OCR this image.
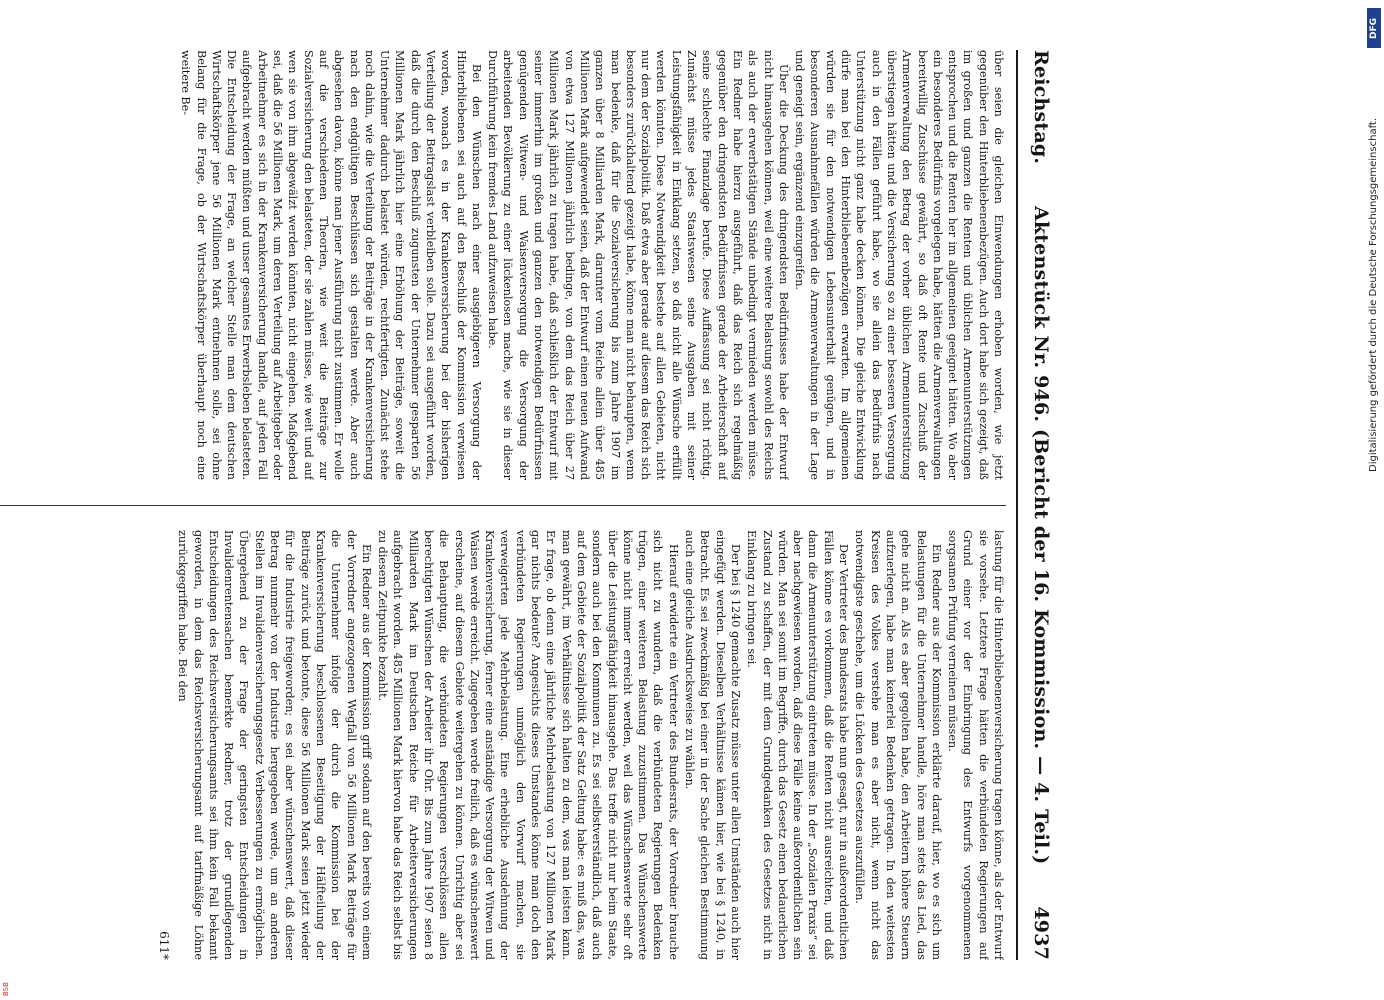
Reichstag.
Aktenstück Nr. 946. (Bericht der 16. Kommission. — 4. Teil.)
4937

über seien die gleichen Einwendungen erhoben worden, wie jetzt gegenüber den Hinterbliebenenbezügen. Auch dort habe sich gezeigt, daß im großen und ganzen die Renten und üblichen Armenunterstützungen entsprochen und die Renten her im allgemeinen geeignet hätten. Wo aber ein besonderes Bedürfnis vorgelegen habe, hätten die Armenverwaltungen bereitwillig Zuschüsse gewährt, so daß oft Rente und Zuschuß der Armenverwaltung den Betrag der vorher üblichen Armenunterstützung überstiegen hätten und die Versicherung so zu einer besseren Versorgung auch in den Fällen geführt habe, wo sie allein das Bedürfnis nach Unterstützung nicht ganz habe decken können. Die gleiche Entwicklung dürfe man bei den Hinterbliebenenbezügen erwarten. Im allgemeinen würden sie für den notwendigen Lebensunterhalt genügen, und in besonderen Ausnahmefällen würden die Armenverwaltungen in der Lage und geneigt sein, ergänzend einzugreifen.

Über die Deckung des dringendsten Bedürfnisses habe der Entwurf nicht hinausgehen können, weil eine weitere Belastung sowohl des Reichs als auch der erwerbstätigen Stände unbedingt vermieden werden müsse. Ein Redner habe hierzu ausgeführt, daß das Reich sich regelmäßig gegenüber den dringendsten Bedürfnissen gerade der Arbeiterschaft auf seine schlechte Finanzlage berufe. Diese Auffassung sei nicht richtig. Zunächst müsse jedes Staatswesen seine Ausgaben mit seiner Leistungsfähigkeit in Einklang setzen, so daß nicht alle Wünsche erfüllt werden könnten. Diese Notwendigkeit bestehe auf allen Gebieten, nicht nur dem der Sozialpolitik. Daß etwa aber gerade auf diesem das Reich sich besonders zurückhaltend gezeigt habe, könne man nicht behaupten, wenn man bedenke, daß für die Sozialversicherung bis zum Jahre 1907 im ganzen über 8 Milliarden Mark, darunter vom Reiche allein über 485 Millionen Mark aufgewendet seien, daß der Entwurf einen neuen Aufwand von etwa 127 Millionen jährlich bedinge, von dem das Reich über 27 Millionen Mark jährlich zu tragen habe, daß schließlich der Entwurf mit seiner immerhin im großen und ganzen den notwendigen Bedürfnissen genügenden Witwen- und Waisenversorgung die Versorgung der arbeitenden Bevölkerung zu einer lückenlosen mache, wie sie in dieser Durchführung kein fremdes Land aufzuweisen habe.

Bei den Wünschen nach einer ausgiebigeren Versorgung der Hinterbliebenen sei auch auf den Beschluß der Kommission verwiesen worden, wonach es in der Krankenversicherung bei der bisherigen Verteilung der Beitragslast verbleiben solle. Dazu sei ausgeführt worden, daß die durch den Beschluß zugunsten der Unternehmer gesparten 56 Millionen Mark jährlich hier eine Erhöhung der Beiträge, soweit die Unternehmer dadurch belastet würden, rechtfertigten. Zunächst stehe noch dahin, wie die Verteilung der Beiträge in der Krankenversicherung nach den endgültigen Beschlüssen sich gestalten werde. Aber auch abgesehen davon, könne man jener Ausführung nicht zustimmen. Er wolle auf die verschiedenen Theorien, wie weit die Beiträge zur Sozialversicherung den belasteten, der sie zahlen müsse, wie weit und auf wen sie von ihm abgewälzt werden könnten, nicht eingehen. Maßgebend sei, daß die 56 Millionen Mark, um deren Verteilung auf Arbeitgeber oder Arbeitnehmer es sich in der Krankenversicherung handle, auf jeden Fall aufgebracht werden müßten und unser gesamtes Erwerbsleben belasteten. Die Entscheidung der Frage, an welcher Stelle man dem deutschen Wirtschaftskörper jene 56 Millionen Mark entnehmen solle, sei ohne Belang für die Frage, ob der Wirtschaftskörper überhaupt noch eine weitere Be-

lastung für die Hinterbliebenenversicherung tragen könne, als der Entwurf sie vorsehe. Letztere Frage hätten die verbündeten Regierungen auf Grund einer vor der Einbringung des Entwurfs vorgenommenen sorgsamen Prüfung verneinen müssen.

Ein Redner aus der Kommission erklärte darauf, hier, wo es sich um Belastungen für die Unternehmer handle, höre man stets das Lied, das gehe nicht an. Als es aber gegolten habe, den Arbeitern höhere Steuern aufzuerlegen, habe man keinerlei Bedenken getragen. In den weitesten Kreisen des Volkes verstehe man es aber nicht, wenn nicht das notwendigste geschehe, um die Lücken des Gesetzes auszufüllen.

Der Vertreter des Bundesrats habe nun gesagt, nur in außerordentlichen Fällen könne es vorkommen, daß die Renten nicht ausreichten, und daß dann die Armenunterstützung eintreten müsse. In der „Sozialen Praxis“ sei aber nachgewiesen worden, daß diese Fälle keine außerordentlichen sein würden. Man sei somit im Begriffe, durch das Gesetz einen bedauerlichen Zustand zu schaffen, der mit dem Grundgedanken des Gesetzes nicht in Einklang zu bringen sei.

Der bei § 1240 gemachte Zusatz müsse unter allen Umständen auch hier eingefügt werden. Dieselben Verhältnisse kämen hier, wie bei § 1240, in Betracht. Es sei zweckmäßig bei einer in der Sache gleichen Bestimmung auch eine gleiche Ausdrucksweise zu wählen.

Hierauf erwiderte ein Vertreter des Bundesrats, der Vorredner brauche sich nicht zu wundern, daß die verbündeten Regierungen Bedenken trügen, einer weiteren Belastung zuzustimmen. Das Wünschenswerte könne nicht immer erreicht werden, weil das Wünschenswerte sehr oft über die Leistungsfähigkeit hinausgehe. Das treffe nicht nur beim Staate, sondern auch bei den Kommunen zu. Es sei selbstverständlich, daß auch auf dem Gebiete der Sozialpolitik der Satz Geltung habe: es muß das, was man gewährt, im Verhältnisse sich halten zu dem, was man leisten kann. Er frage, ob denn eine jährliche Mehrbelastung von 127 Millionen Mark gar nichts bedeute? Angesichts dieses Umstandes könne man doch den verbündeten Regierungen unmöglich den Vorwurf machen, sie verweigerten jede Mehrbelastung. Eine erhebliche Ausdehnung der Krankenversicherung, ferner eine anständige Versorgung der Witwen und Waisen werde erreicht. Zugegeben werde freilich, daß es wünschenswert erscheine, auf diesem Gebiete weitergehen zu können. Unrichtig aber sei die Behauptung, die verbündeten Regierungen verschlössen allen berechtigten Wünschen der Arbeiter ihr Ohr. Bis zum Jahre 1907 seien 8 Milliarden Mark im Deutschen Reiche für Arbeiterversicherungen aufgebracht worden. 485 Millionen Mark hiervon habe das Reich selbst bis zu diesem Zeitpunkte bezahlt.

Ein Redner aus der Kommission griff sodann auf den bereits von einem der Vorredner angezogenen Wegfall von 56 Millionen Mark Beiträge für die Unternehmer infolge der durch die Kommission bei der Krankenversicherung beschlossenen Beseitigung der Hälfteilung der Beiträge zurück und betonte, diese 56 Millionen Mark seien jetzt wieder für die Industrie freigeworden; es sei aber wünschenswert, daß dieser Betrag nunmehr von der Industrie hergegeben werde, um an anderen Stellen im Invalidenversicherungsgesetz Verbesserungen zu ermöglichen. Übergehend zu der Frage der geringsten Entscheidungen in Invalidenrentensachen bemerkte Redner, trotz der grundlegenden Entscheidungen des Reichsversicherungsamts sei ihm kein Fall bekannt geworden, in dem das Reichsversicherungsamt auf tarifmäßige Löhne zurückgegriffen habe. Bei den

611*
DFG
Digitalisierung gefördert durch die Deutsche Forschungsgemeinschaft.
BSB
